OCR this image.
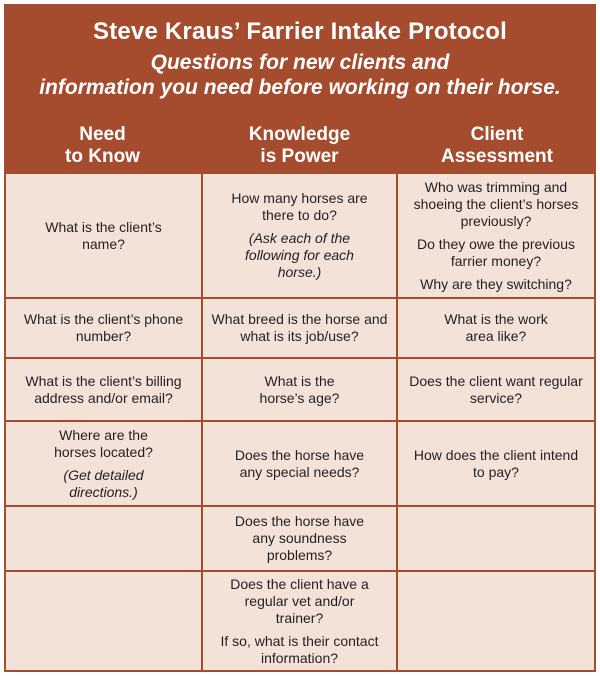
Steve Kraus’ Farrier Intake Protocol
Questions for new clients and
information you need before working on their horse.
Need
to Know
Knowledge
is Power
Client
Assessment

What is the client’s name?

How many horses are there to do?

(Ask each of the following for each horse.)

Who was trimming and shoeing the client’s horses previously?

Do they owe the previous farrier money?

Why are they switching?

What is the client’s phone number?

What breed is the horse and what is its job/use?

What is the work area like?

What is the client’s billing address and/or email?

What is the horse’s age?

Does the client want regular service?

Where are the horses located?

(Get detailed directions.)

Does the horse have any special needs?

How does the client intend to pay?

Does the horse have any soundness problems?

Does the client have a regular vet and/or trainer?

If so, what is their contact information?
